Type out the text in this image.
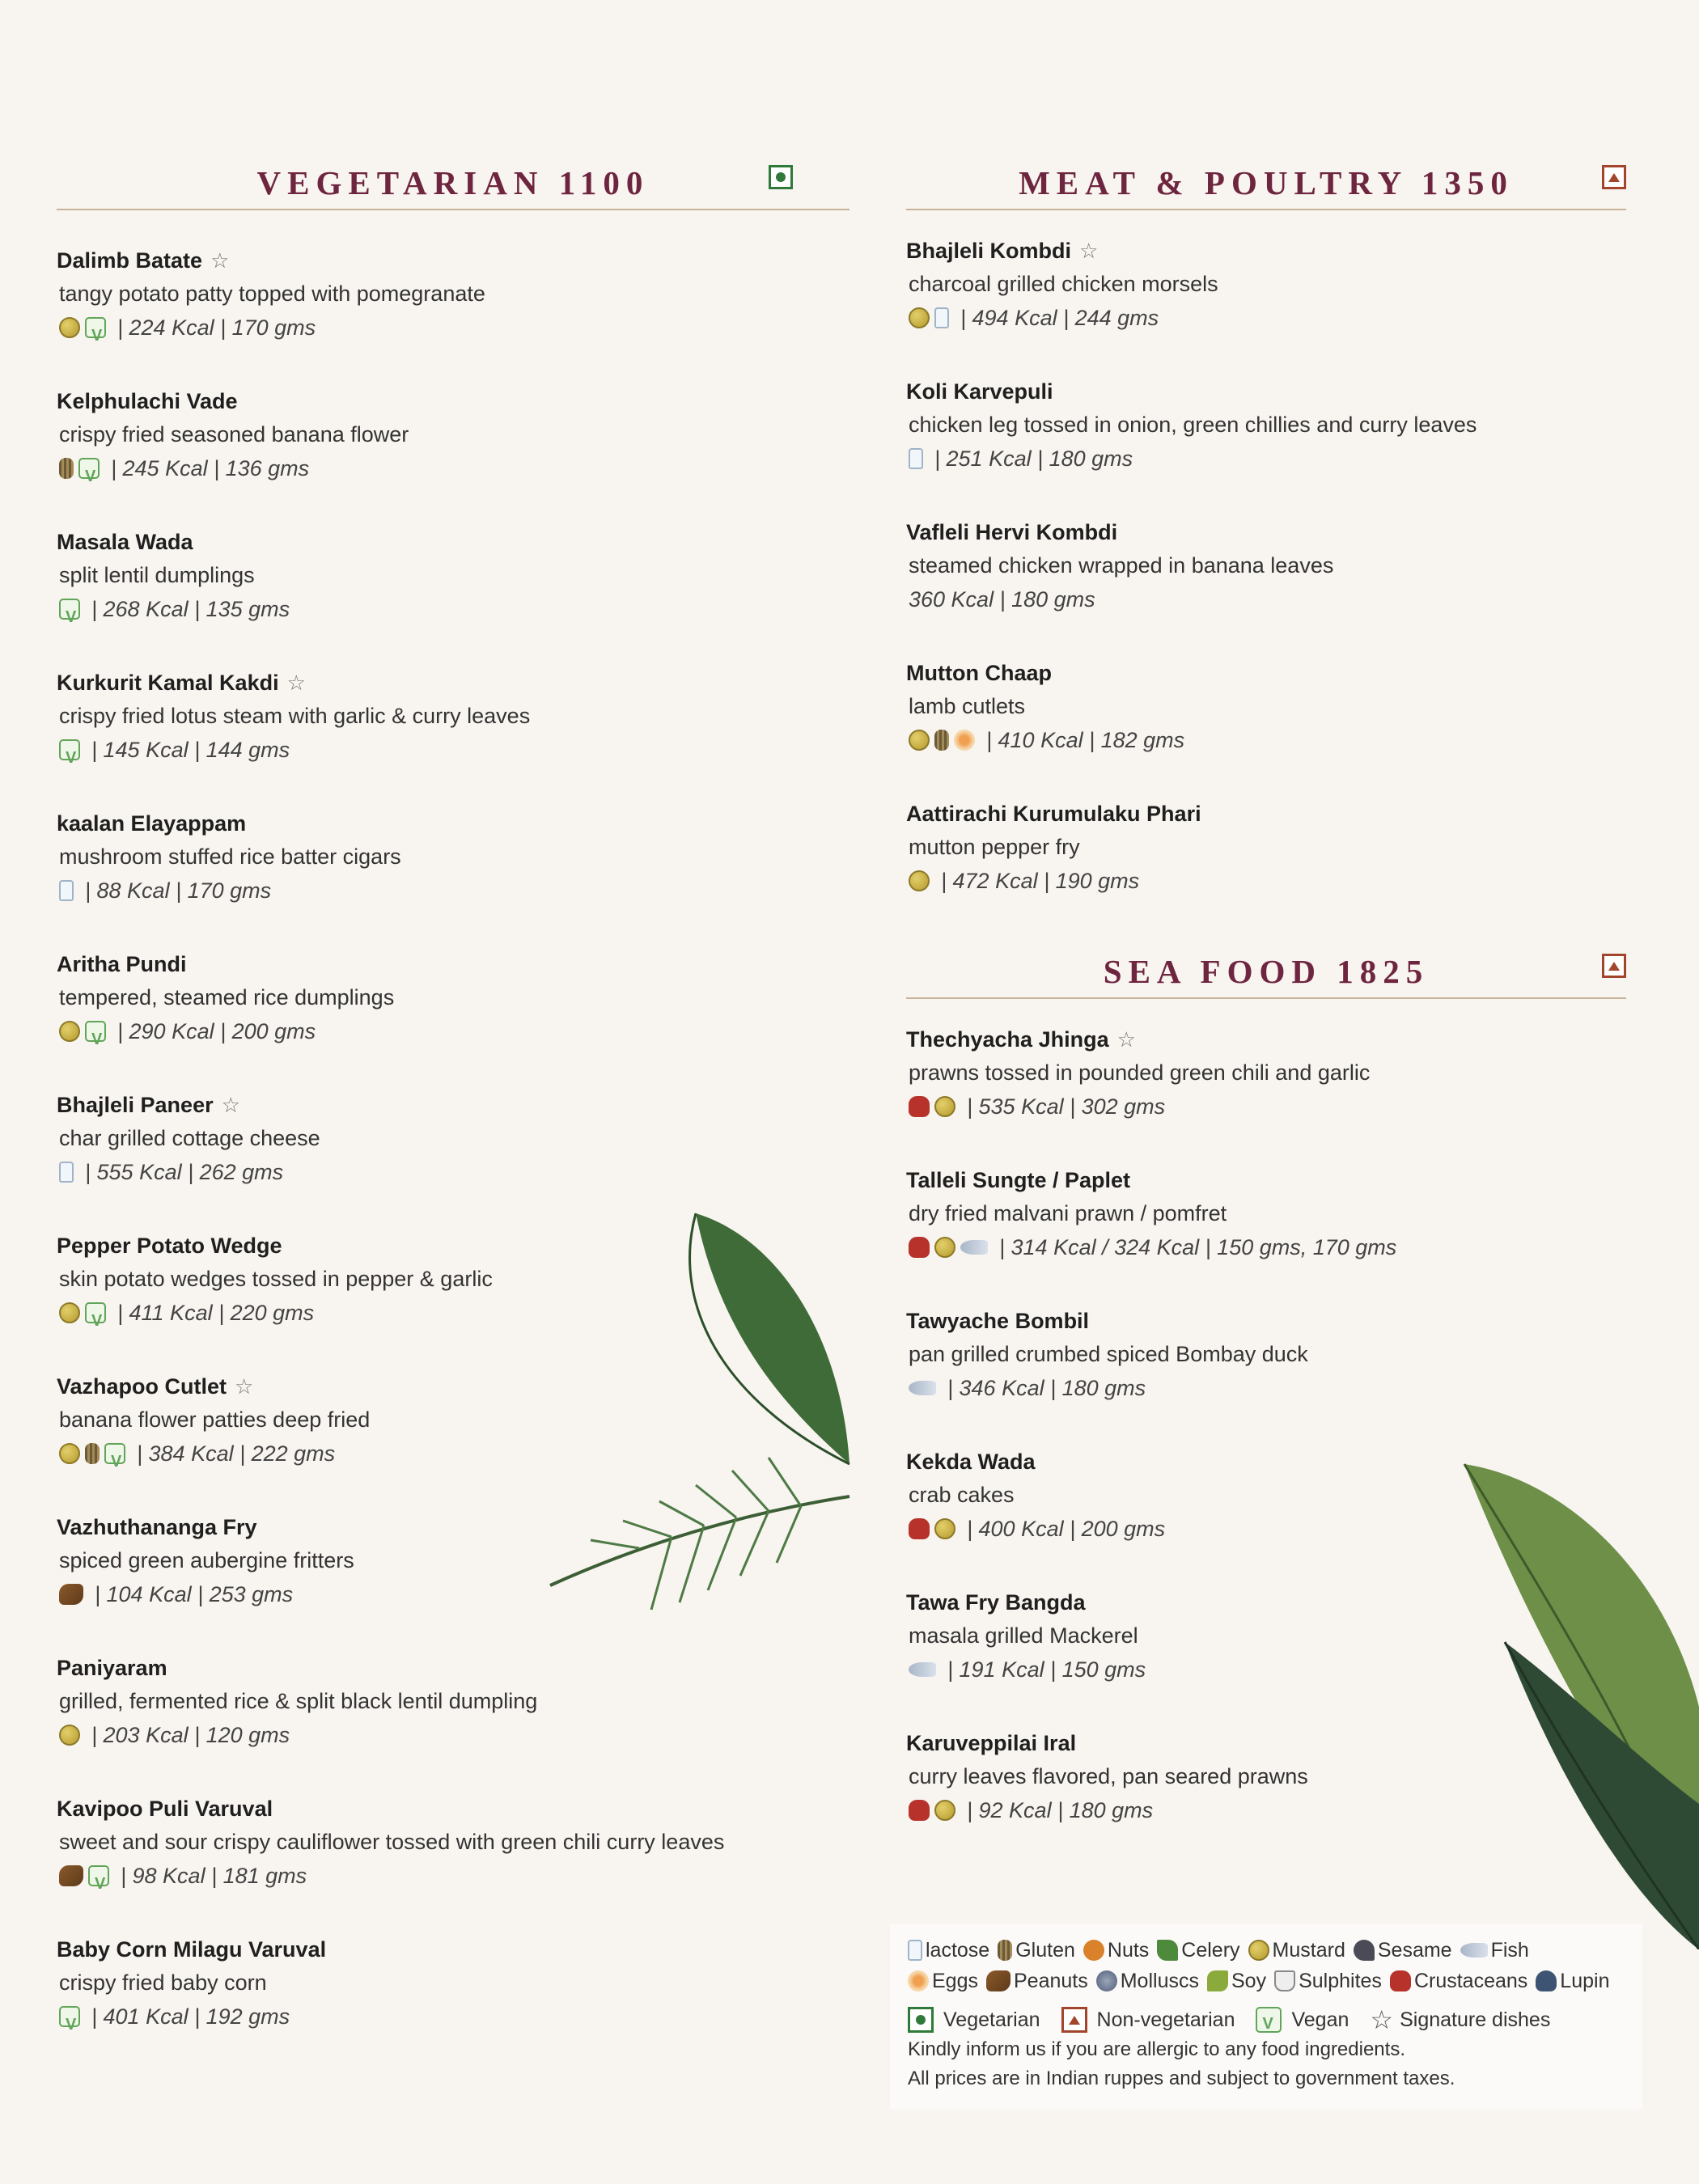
VEGETARIAN 1100
Dalimb Batate ☆
tangy potato patty topped with pomegranate
V
| 224 Kcal | 170 gms
Kelphulachi Vade
crispy fried seasoned banana flower
V
| 245 Kcal | 136 gms
Masala Wada
split lentil dumplings
V
| 268 Kcal | 135 gms
Kurkurit Kamal Kakdi ☆
crispy fried lotus steam with garlic & curry leaves
V
| 145 Kcal | 144 gms
kaalan Elayappam
mushroom stuffed rice batter cigars
| 88 Kcal | 170 gms
Aritha Pundi
tempered, steamed rice dumplings
V
| 290 Kcal | 200 gms
Bhajleli Paneer ☆
char grilled cottage cheese
| 555 Kcal | 262 gms
Pepper Potato Wedge
skin potato wedges tossed in pepper & garlic
V
| 411 Kcal | 220 gms
Vazhapoo Cutlet ☆
banana flower patties deep fried
V
| 384 Kcal | 222 gms
Vazhuthananga Fry
spiced green aubergine fritters
| 104 Kcal | 253 gms
Paniyaram
grilled, fermented rice & split black lentil dumpling
| 203 Kcal | 120 gms
Kavipoo Puli Varuval
sweet and sour crispy cauliflower tossed with green chili curry leaves
V
| 98 Kcal | 181 gms
Baby Corn Milagu Varuval
crispy fried baby corn
V
| 401 Kcal | 192 gms
MEAT & POULTRY 1350
Bhajleli Kombdi ☆
charcoal grilled chicken morsels
| 494 Kcal | 244 gms
Koli Karvepuli
chicken leg tossed in onion, green chillies and curry leaves
| 251 Kcal | 180 gms
Vafleli Hervi Kombdi
steamed chicken wrapped in banana leaves
360 Kcal | 180 gms
Mutton Chaap
lamb cutlets
| 410 Kcal | 182 gms
Aattirachi Kurumulaku Phari
mutton pepper fry
| 472 Kcal | 190 gms
SEA FOOD 1825
Thechyacha Jhinga ☆
prawns tossed in pounded green chili and garlic
| 535 Kcal | 302 gms
Talleli Sungte / Paplet
dry fried malvani prawn / pomfret
| 314 Kcal / 324 Kcal | 150 gms, 170 gms
Tawyache Bombil
pan grilled crumbed spiced Bombay duck
| 346 Kcal | 180 gms
Kekda Wada
crab cakes
| 400 Kcal | 200 gms
Tawa Fry Bangda
masala grilled Mackerel
| 191 Kcal | 150 gms
Karuveppilai Iral
curry leaves flavored, pan seared prawns
| 92 Kcal | 180 gms
lactose Gluten Nuts Celery Mustard Sesame Fish
Eggs Peanuts Molluscs Soy Sulphites Crustaceans Lupin
Vegetarian	Non-vegetarian
V	Vegan ☆ Signature dishes
Kindly inform us if you are allergic to any food ingredients.
All prices are in Indian ruppes and subject to government taxes.
